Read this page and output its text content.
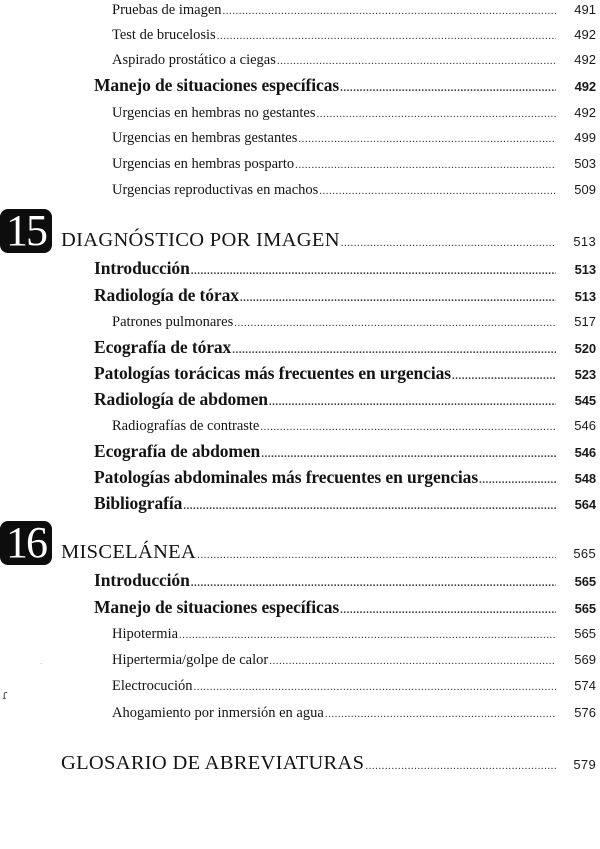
Pruebas de imagen .....	491
Test de brucelosis .....	492
Aspirado prostático a ciegas .....	492
Manejo de situaciones específicas .....	492
Urgencias en hembras no gestantes .....	492
Urgencias en hembras gestantes .....	499
Urgencias en hembras posparto .....	503
Urgencias reproductivas en machos .....	509
15 DIAGNÓSTICO POR IMAGEN .....	513
Introducción .....	513
Radiología de tórax .....	513
Patrones pulmonares .....	517
Ecografía de tórax .....	520
Patologías torácicas más frecuentes en urgencias .....	523
Radiología de abdomen .....	545
Radiografías de contraste .....	546
Ecografía de abdomen .....	546
Patologías abdominales más frecuentes en urgencias .....	548
Bibliografía .....	564
16 MISCELÁNEA .....	565
Introducción .....	565
Manejo de situaciones específicas .....	565
Hipotermia .....	565
Hipertermia/golpe de calor .....	569
Electrocución .....	574
Ahogamiento por inmersión en agua .....	576
GLOSARIO DE ABREVIATURAS .....	579
ɾ
·
